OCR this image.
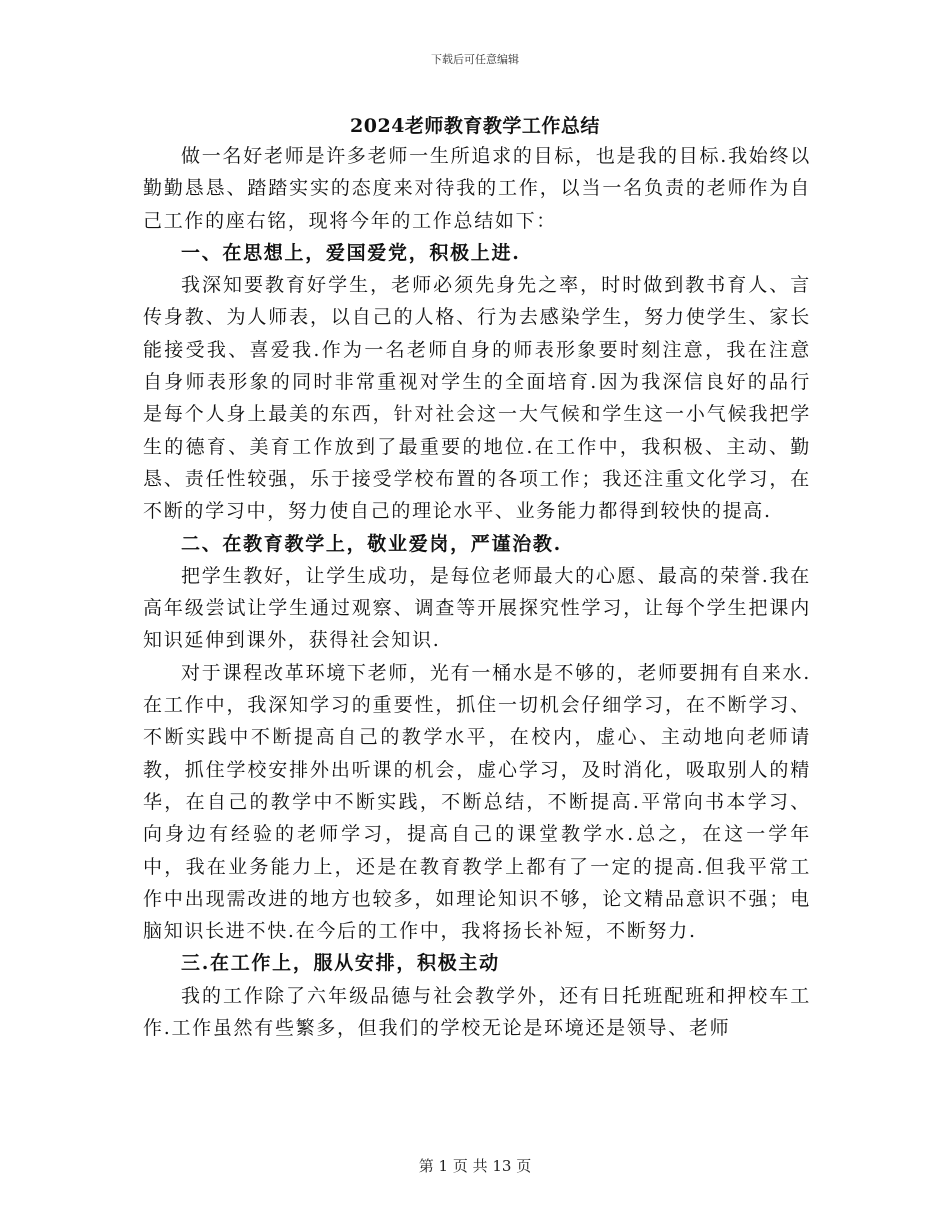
下载后可任意编辑
2024老师教育教学工作总结

做一名好老师是许多老师一生所追求的目标，也是我的目标.我始终以勤勤恳恳、踏踏实实的态度来对待我的工作，以当一名负责的老师作为自己工作的座右铭，现将今年的工作总结如下：

一、在思想上，爱国爱党，积极上进.

我深知要教育好学生，老师必须先身先之率，时时做到教书育人、言传身教、为人师表，以自己的人格、行为去感染学生，努力使学生、家长能接受我、喜爱我.作为一名老师自身的师表形象要时刻注意，我在注意自身师表形象的同时非常重视对学生的全面培育.因为我深信良好的品行是每个人身上最美的东西，针对社会这一大气候和学生这一小气候我把学生的德育、美育工作放到了最重要的地位.在工作中，我积极、主动、勤恳、责任性较强，乐于接受学校布置的各项工作；我还注重文化学习，在不断的学习中，努力使自己的理论水平、业务能力都得到较快的提高.

二、在教育教学上，敬业爱岗，严谨治教.

把学生教好，让学生成功，是每位老师最大的心愿、最高的荣誉.我在高年级尝试让学生通过观察、调查等开展探究性学习，让每个学生把课内知识延伸到课外，获得社会知识.

对于课程改革环境下老师，光有一桶水是不够的，老师要拥有自来水.在工作中，我深知学习的重要性，抓住一切机会仔细学习，在不断学习、不断实践中不断提高自己的教学水平，在校内，虚心、主动地向老师请教，抓住学校安排外出听课的机会，虚心学习，及时消化，吸取别人的精华，在自己的教学中不断实践，不断总结，不断提高.平常向书本学习、向身边有经验的老师学习，提高自己的课堂教学水.总之，在这一学年中，我在业务能力上，还是在教育教学上都有了一定的提高.但我平常工作中出现需改进的地方也较多，如理论知识不够，论文精品意识不强；电脑知识长进不快.在今后的工作中，我将扬长补短，不断努力.

三.在工作上，服从安排，积极主动

我的工作除了六年级品德与社会教学外，还有日托班配班和押校车工作.工作虽然有些繁多，但我们的学校无论是环境还是领导、老师

第 1 页 共 13 页
